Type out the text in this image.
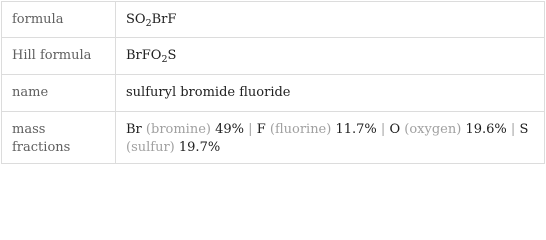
formula	$SO_2BrF$
Hill formula	BrFO$_2$S
name	sulfuryl bromide fluoride
mass fractions	Br (bromine) 49% | F (fluorine) 11.7% | O (oxygen) 19.6% | S (sulfur) 19.7%
